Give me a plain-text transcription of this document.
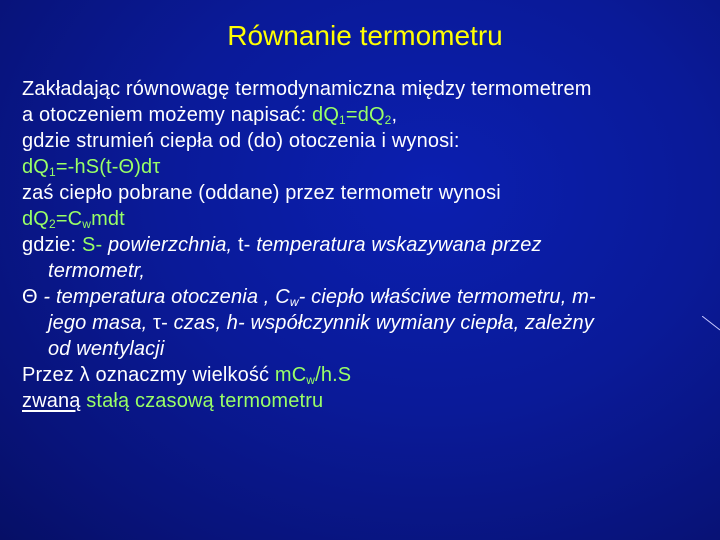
Równanie termometru
Zakładając równowagę termodynamiczna między termometrem
a otoczeniem możemy napisać: $dQ_1=dQ_2$,
gdzie strumień ciepła od (do) otoczenia i wynosi:
$dQ_1=-hS(t-\Theta)d\tau$
zaś ciepło pobrane (oddane) przez termometr wynosi
$dQ_2=C_wmdt$
gdzie: S- powierzchnia, t- temperatura wskazywana przez
termometr,
Θ - temperatura otoczenia , $C_w-$ ciepło właściwe termometru, m-
jego masa, τ- czas, h- współczynnik wymiany ciepła, zależny
od wentylacji
Przez λ oznaczmy wielkość $mC_w/h.S$
zwaną stałą czasową termometru
